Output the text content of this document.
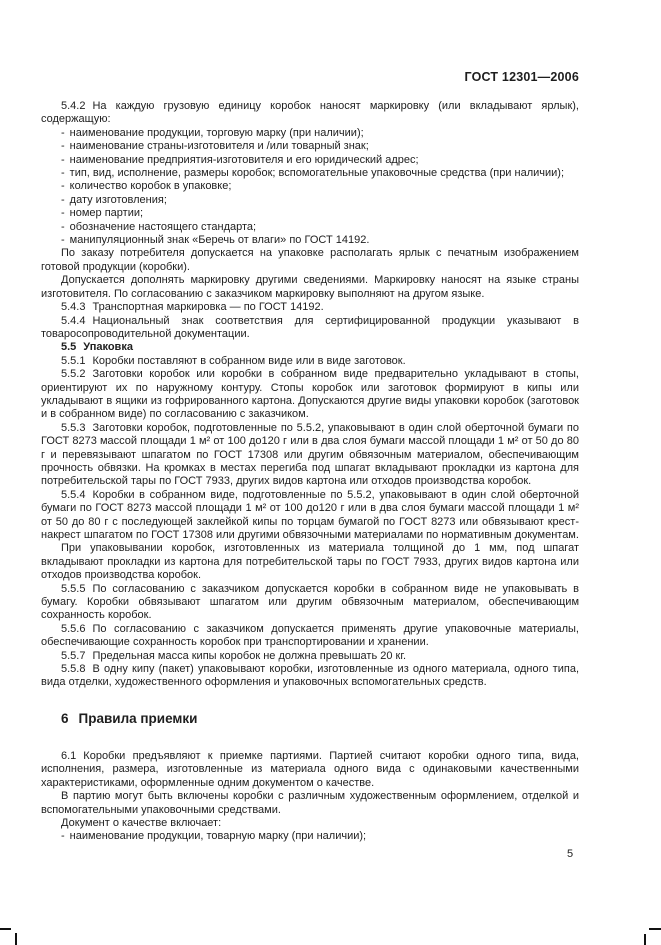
ГОСТ 12301—2006

5.4.2 На каждую грузовую единицу коробок наносят маркировку (или вкладывают ярлык), содержащую:

- наименование продукции, торговую марку (при наличии);

- наименование страны-изготовителя и /или товарный знак;

- наименование предприятия-изготовителя и его юридический адрес;

- тип, вид, исполнение, размеры коробок; вспомогательные упаковочные средства (при наличии);

- количество коробок в упаковке;

- дату изготовления;

- номер партии;

- обозначение настоящего стандарта;

- манипуляционный знак «Беречь от влаги» по ГОСТ 14192.

По заказу потребителя допускается на упаковке располагать ярлык с печатным изображением готовой продукции (коробки).

Допускается дополнять маркировку другими сведениями. Маркировку наносят на языке страны изготовителя. По согласованию с заказчиком маркировку выполняют на другом языке.

5.4.3 Транспортная маркировка — по ГОСТ 14192.

5.4.4 Национальный знак соответствия для сертифицированной продукции указывают в товаросопроводительной документации.

5.5 Упаковка

5.5.1 Коробки поставляют в собранном виде или в виде заготовок.

5.5.2 Заготовки коробок или коробки в собранном виде предварительно укладывают в стопы, ориентируют их по наружному контуру. Стопы коробок или заготовок формируют в кипы или укладывают в ящики из гофрированного картона. Допускаются другие виды упаковки коробок (заготовок и в собранном виде) по согласованию с заказчиком.

5.5.3 Заготовки коробок, подготовленные по 5.5.2, упаковывают в один слой оберточной бумаги по ГОСТ 8273 массой площади 1 м² от 100 до120 г или в два слоя бумаги массой площади 1 м² от 50 до 80 г и перевязывают шпагатом по ГОСТ 17308 или другим обвязочным материалом, обеспечивающим прочность обвязки. На кромках в местах перегиба под шпагат вкладывают прокладки из картона для потребительской тары по ГОСТ 7933, других видов картона или отходов производства коробок.

5.5.4 Коробки в собранном виде, подготовленные по 5.5.2, упаковывают в один слой оберточной бумаги по ГОСТ 8273 массой площади 1 м² от 100 до120 г или в два слоя бумаги массой площади 1 м² от 50 до 80 г с последующей заклейкой кипы по торцам бумагой по ГОСТ 8273 или обвязывают крест-накрест шпагатом по ГОСТ 17308 или другими обвязочными материалами по нормативным документам.

При упаковывании коробок, изготовленных из материала толщиной до 1 мм, под шпагат вкладывают прокладки из картона для потребительской тары по ГОСТ 7933, других видов картона или отходов производства коробок.

5.5.5 По согласованию с заказчиком допускается коробки в собранном виде не упаковывать в бумагу. Коробки обвязывают шпагатом или другим обвязочным материалом, обеспечивающим сохранность коробок.

5.5.6 По согласованию с заказчиком допускается применять другие упаковочные материалы, обеспечивающие сохранность коробок при транспортировании и хранении.

5.5.7 Предельная масса кипы коробок не должна превышать 20 кг.

5.5.8 В одну кипу (пакет) упаковывают коробки, изготовленные из одного материала, одного типа, вида отделки, художественного оформления и упаковочных вспомогательных средств.

6 Правила приемки

6.1 Коробки предъявляют к приемке партиями. Партией считают коробки одного типа, вида, исполнения, размера, изготовленные из материала одного вида с одинаковыми качественными характеристиками, оформленные одним документом о качестве.

В партию могут быть включены коробки с различным художественным оформлением, отделкой и вспомогательными упаковочными средствами.

Документ о качестве включает:

- наименование продукции, товарную марку (при наличии);

5
